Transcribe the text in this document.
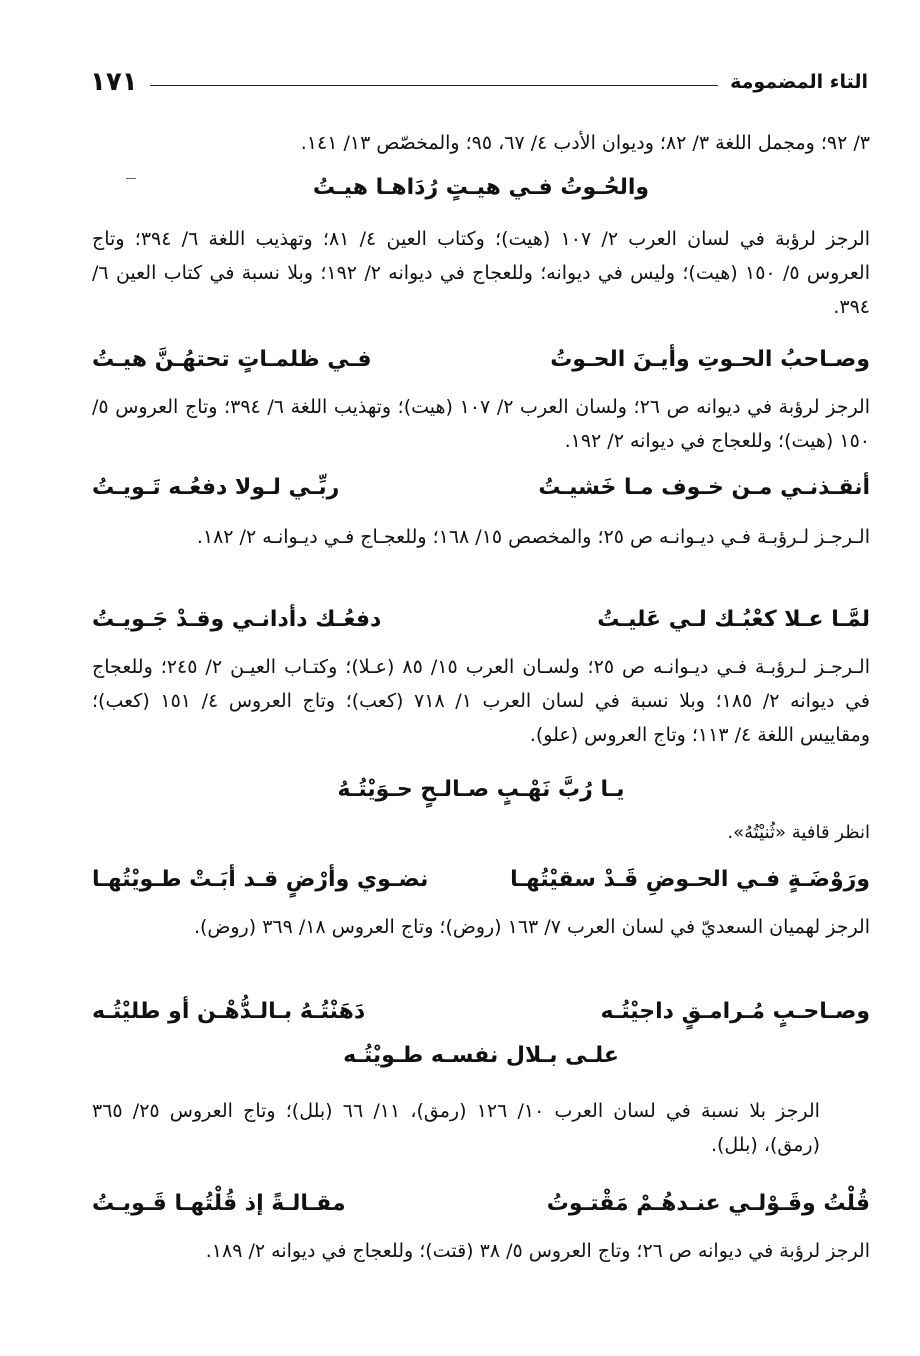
التاء المضمومة
١٧١
٣/ ٩٢؛ ومجمل اللغة ٣/ ٨٢؛ وديوان الأدب ٤/ ٦٧، ٩٥؛ والمخصّص ١٣/ ١٤١.
والحُـوتُ فـي هيـتٍ رُدَاهـا هيـتُ
الرجز لرؤبة في لسان العرب ٢/ ١٠٧ (هيت)؛ وكتاب العين ٤/ ٨١؛ وتهذيب اللغة ٦/ ٣٩٤؛ وتاج العروس ٥/ ١٥٠ (هيت)؛ وليس في ديوانه؛ وللعجاج في ديوانه ٢/ ١٩٢؛ وبلا نسبة في كتاب العين ٦/ ٣٩٤.
وصـاحبُ الحـوتِ وأيـنَ الحـوتُ
فـي ظلمـاتٍ تحتهُـنَّ هيـتُ
الرجز لرؤبة في ديوانه ص ٢٦؛ ولسان العرب ٢/ ١٠٧ (هيت)؛ وتهذيب اللغة ٦/ ٣٩٤؛ وتاج العروس ٥/ ١٥٠ (هيت)؛ وللعجاج في ديوانه ٢/ ١٩٢.
أنقـذنـي مـن خـوف مـا خَشيـتُ
ربِّـي لـولا دفعُـه تَـويـتُ
الـرجـز لـرؤبـة فـي ديـوانـه ص ٢٥؛ والمخصص ١٥/ ١٦٨؛ وللعجـاج فـي ديـوانـه ٢/ ١٨٢.
لمَّـا عـلا كعْبُـك لـي عَليـتُ
دفعُـك دأدانـي وقـدْ جَـويـتُ
الـرجـز لـرؤبـة فـي ديـوانـه ص ٢٥؛ ولسـان العرب ١٥/ ٨٥ (عـلا)؛ وكتـاب العيـن ٢/ ٢٤٥؛ وللعجاج في ديوانه ٢/ ١٨٥؛ وبلا نسبة في لسان العرب ١/ ٧١٨ (كعب)؛ وتاج العروس ٤/ ١٥١ (كعب)؛ ومقاييس اللغة ٤/ ١١٣؛ وتاج العروس (علو).
يـا رُبَّ نَهْـبٍ صـالـحٍ حـوَيْتُـهُ
انظر قافية «ثُنيْتُهُ».
ورَوْضَـةٍ فـي الحـوضِ قَـدْ سقيْتُهـا
نضـوي وأرْضٍ قـد أبَـتْ طـويْتُهـا
الرجز لهميان السعديّ في لسان العرب ٧/ ١٦٣ (روض)؛ وتاج العروس ١٨/ ٣٦٩ (روض).
وصـاحـبٍ مُـرامـقٍ داجيْتُـه
دَهَنْتُـهُ بـالـدُّهْـن أو طليْتُـه
علـى بـلال نفسـه طـويْتُـه
الرجز بلا نسبة في لسان العرب ١٠/ ١٢٦ (رمق)، ١١/ ٦٦ (بلل)؛ وتاج العروس ٢٥/ ٣٦٥ (رمق)، (بلل).
قُلْتُ وقَـوْلـي عنـدهُـمْ مَقْتـوتُ
مقـالـةً إذ قُلْتُهـا قَـويـتُ
الرجز لرؤبة في ديوانه ص ٢٦؛ وتاج العروس ٥/ ٣٨ (قتت)؛ وللعجاج في ديوانه ٢/ ١٨٩.
